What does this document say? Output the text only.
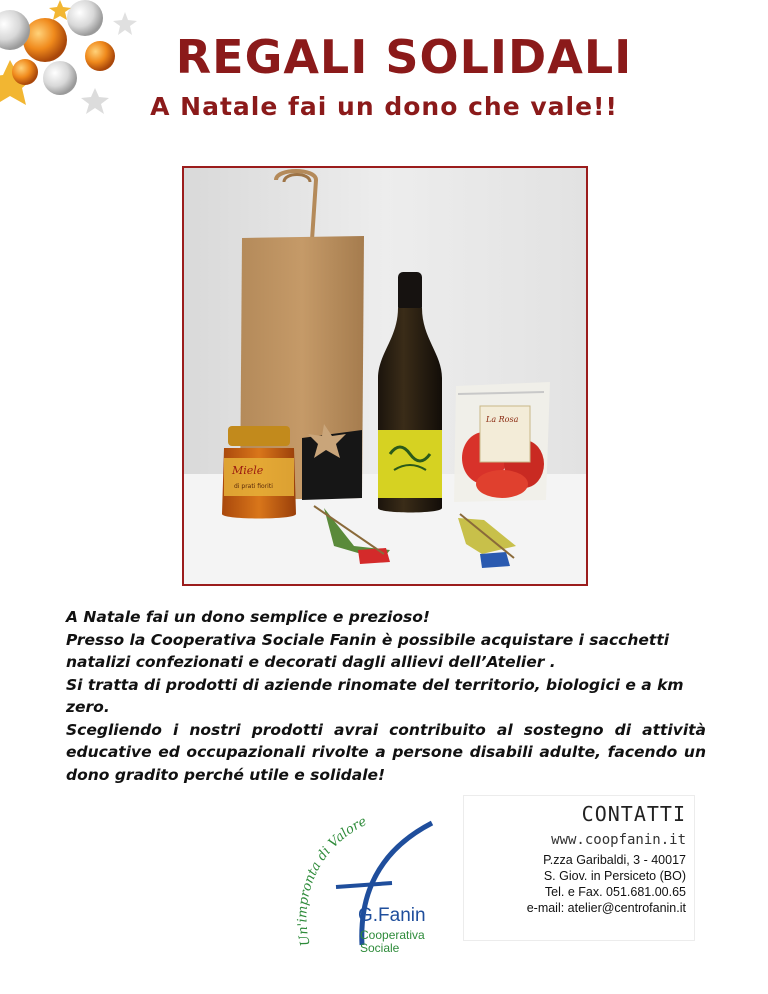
REGALI SOLIDALI
A Natale fai un dono che vale!!
Miele
di prati fioriti
La Rosa

A Natale fai un dono semplice e prezioso!

Presso la Cooperativa Sociale Fanin è possibile acquistare i sacchetti natalizi confezionati e decorati dagli allievi dell’Atelier .

Si tratta di prodotti di aziende rinomate del territorio, biologici e a km zero.

Scegliendo i nostri prodotti avrai contribuito al sostegno di attività educative ed occupazionali rivolte a persone disabili adulte, facendo un dono gradito perché utile e solidale!

Un'impronta di Valore
G.Fanin
Cooperativa
Sociale
CONTATTI
www.coopfanin.it
P.zza Garibaldi, 3 - 40017
S. Giov. in Persiceto (BO)
Tel. e Fax. 051.681.00.65
e-mail: atelier@centrofanin.it
